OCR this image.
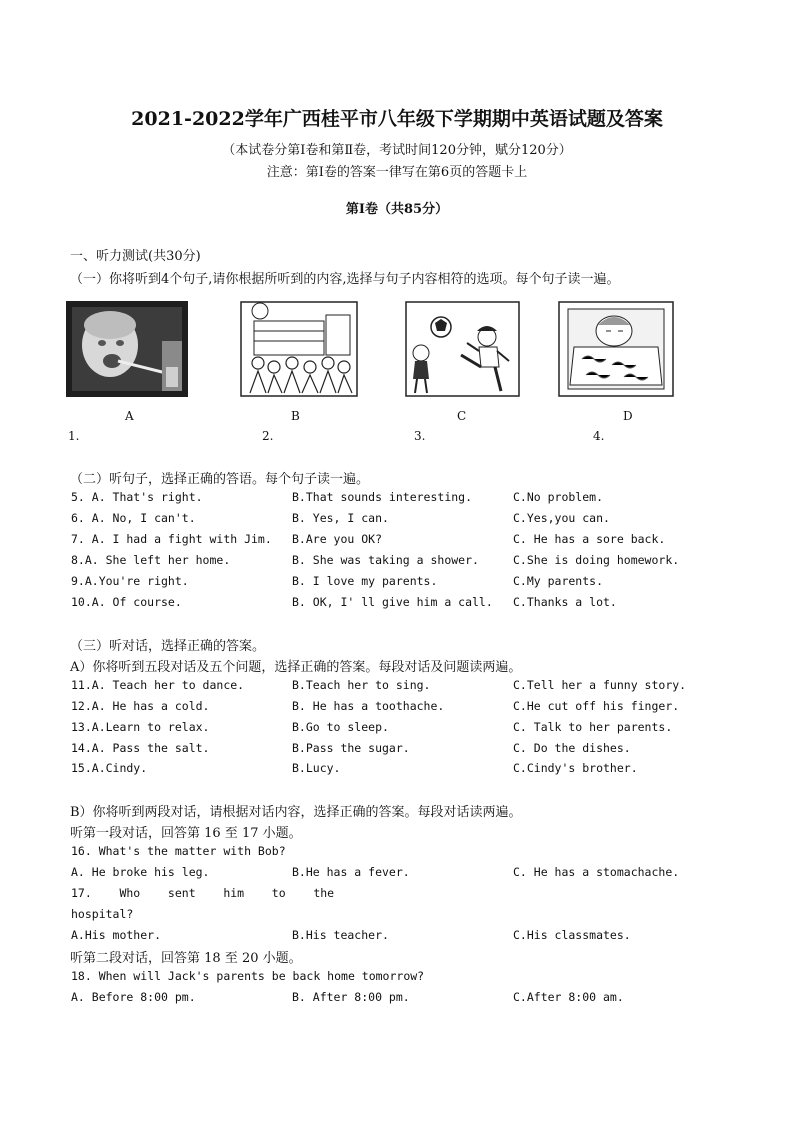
2021-2022学年广西桂平市八年级下学期期中英语试题及答案
（本试卷分第Ⅰ卷和第Ⅱ卷，考试时间120分钟，赋分120分）
注意：第Ⅰ卷的答案一律写在第6页的答题卡上
第Ⅰ卷（共85分）
一、听力测试(共30分)
（一）你将听到4个句子,请你根据所听到的内容,选择与句子内容相符的选项。每个句子读一遍。
A	B	C	D
1.	2.	3.	4.
（二）听句子，选择正确的答语。每个句子读一遍。
5. A. That's right.	B.That sounds interesting.	C.No problem.
6. A. No, I can't.	B. Yes, I can.	C.Yes,you can.
7. A. I had a fight with Jim. B.Are you OK?	C. He has a sore back.
8.A. She left her home.	B. She was taking a shower.	C.She is doing homework.
9.A.You're right.	B. I love my parents.	C.My parents.
10.A. Of course.	B. OK, I' ll give him a call. C.Thanks a lot.
（三）听对话，选择正确的答案。
A）你将听到五段对话及五个问题，选择正确的答案。每段对话及问题读两遍。
11.A. Teach her to dance.	B.Teach her to sing.	C.Tell her a funny story.
12.A. He has a cold.	B. He has a toothache.	C.He cut off his finger.
13.A.Learn to relax.	B.Go to sleep.	C. Talk to her parents.
14.A. Pass the salt.	B.Pass the sugar.	C. Do the dishes.
15.A.Cindy.	B.Lucy.	C.Cindy's brother.
B）你将听到两段对话，请根据对话内容，选择正确的答案。每段对话读两遍。
听第一段对话，回答第 16 至 17 小题。
16. What's the matter with Bob?
A. He broke his leg.	B.He has a fever.	C. He has a stomachache.
17.    Who    sent    him    to    the
hospital?
A.His mother.	B.His teacher.	C.His classmates.
听第二段对话，回答第 18 至 20 小题。
18. When will Jack's parents be back home tomorrow?
A. Before 8:00 pm.	B. After 8:00 pm.	C.After 8:00 am.
